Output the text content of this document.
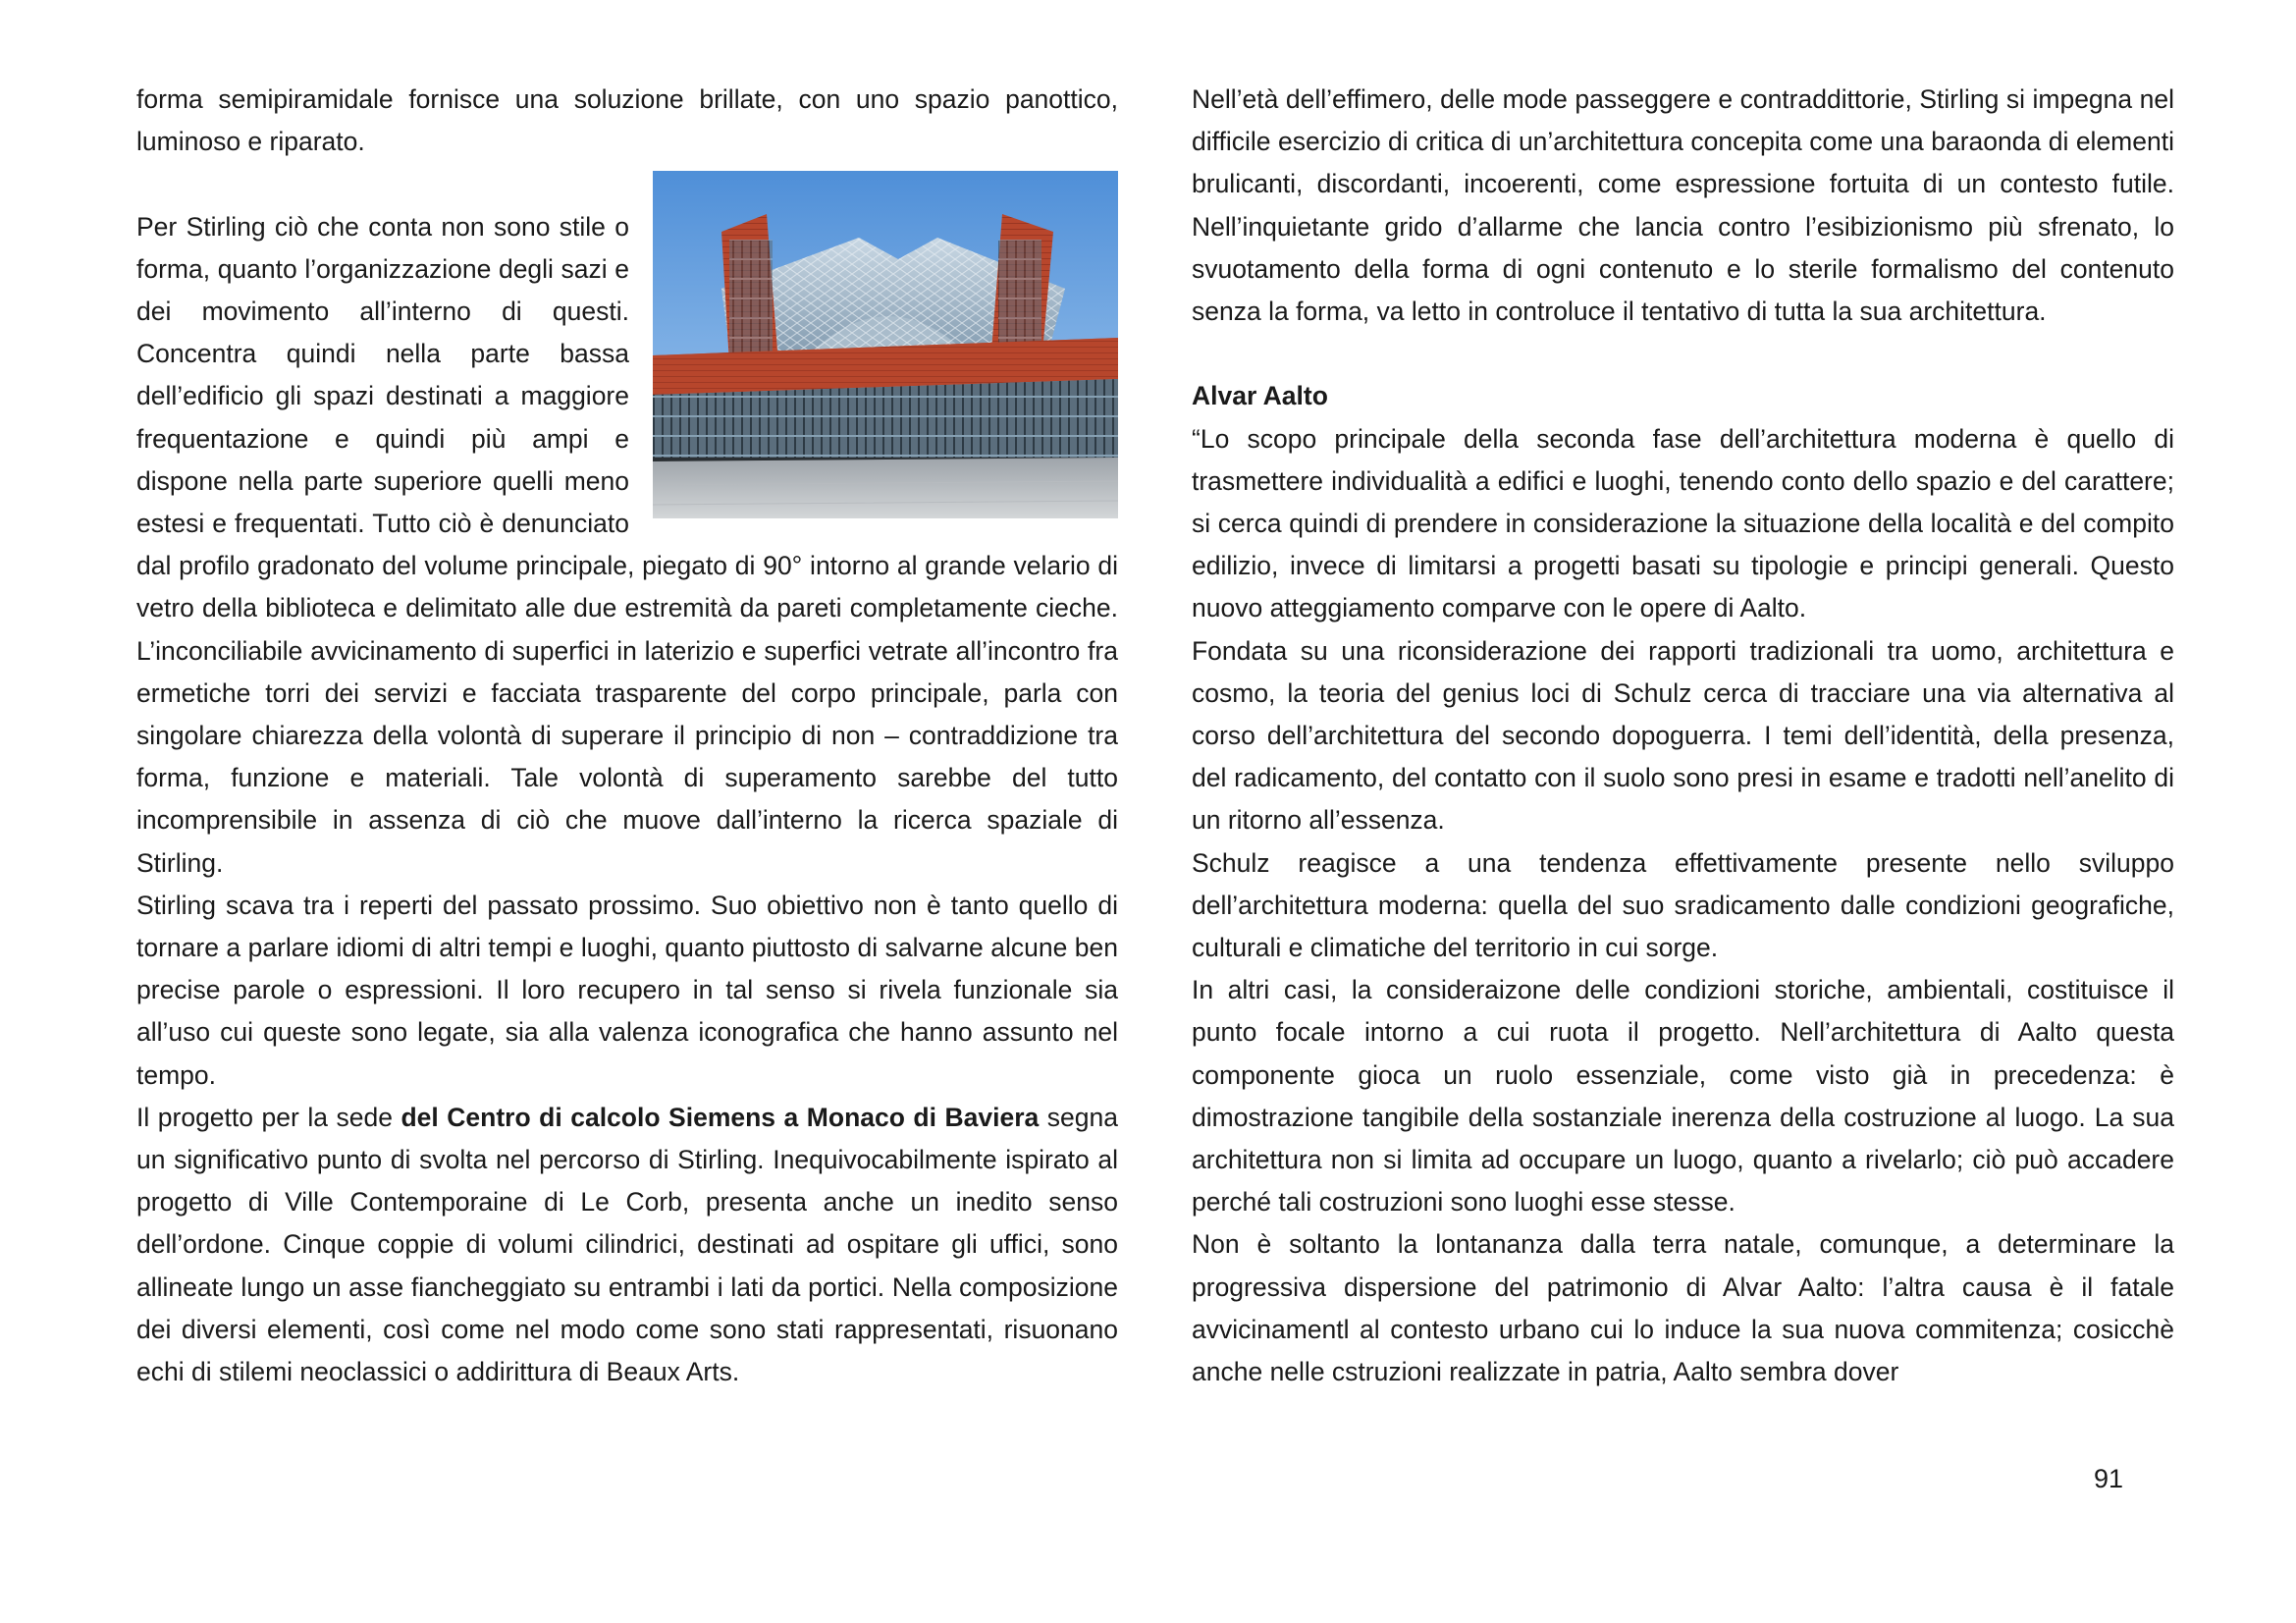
forma semipiramidale fornisce una soluzione brillate, con uno spazio panottico, luminoso e riparato.

Per Stirling ciò che conta non sono stile o forma, quanto l’organizzazione degli sazi e dei movimento all’interno di questi. Concentra quindi nella parte bassa dell’edificio gli spazi destinati a maggiore frequentazione e quindi più ampi e dispone nella parte superiore quelli meno estesi e frequentati. Tutto ciò è denunciato dal profilo gradonato del volume principale, piegato di 90° intorno al grande velario di vetro della biblioteca e delimitato alle due estremità da pareti completamente cieche. L’inconciliabile avvicinamento di superfici in laterizio e superfici vetrate all’incontro fra ermetiche torri dei servizi e facciata trasparente del corpo principale, parla con singolare chiarezza della volontà di superare il principio di non – contraddizione tra forma, funzione e materiali. Tale volontà di superamento sarebbe del tutto incomprensibile in assenza di ciò che muove dall’interno la ricerca spaziale di Stirling.

Stirling scava tra i reperti del passato prossimo. Suo obiettivo non è tanto quello di tornare a parlare idiomi di altri tempi e luoghi, quanto piuttosto di salvarne alcune ben precise parole o espressioni. Il loro recupero in tal senso si rivela funzionale sia all’uso cui queste sono legate, sia alla valenza iconografica che hanno assunto nel tempo.

Il progetto per la sede del Centro di calcolo Siemens a Monaco di Baviera segna un significativo punto di svolta nel percorso di Stirling. Inequivocabilmente ispirato al progetto di Ville Contemporaine di Le Corb, presenta anche un inedito senso dell’ordone. Cinque coppie di volumi cilindrici, destinati ad ospitare gli uffici, sono allineate lungo un asse fiancheggiato su entrambi i lati da portici. Nella composizione dei diversi elementi, così come nel modo come sono stati rappresentati, risuonano echi di stilemi neoclassici o addirittura di Beaux Arts.

Nell’età dell’effimero, delle mode passeggere e contraddittorie, Stirling si impegna nel difficile esercizio di critica di un’architettura concepita come una baraonda di elementi brulicanti, discordanti, incoerenti, come espressione fortuita di un contesto futile. Nell’inquietante grido d’allarme che lancia contro l’esibizionismo più sfrenato, lo svuotamento della forma di ogni contenuto e lo sterile formalismo del contenuto senza la forma, va letto in controluce il tentativo di tutta la sua architettura.

Alvar Aalto

“Lo scopo principale della seconda fase dell’architettura moderna è quello di trasmettere individualità a edifici e luoghi, tenendo conto dello spazio e del carattere; si cerca quindi di prendere in considerazione la situazione della località e del compito edilizio, invece di limitarsi a progetti basati su tipologie e principi generali. Questo nuovo atteggiamento comparve con le opere di Aalto.

Fondata su una riconsiderazione dei rapporti tradizionali tra uomo, architettura e cosmo, la teoria del genius loci di Schulz cerca di tracciare una via alternativa al corso dell’architettura del secondo dopoguerra. I temi dell’identità, della presenza, del radicamento, del contatto con il suolo sono presi in esame e tradotti nell’anelito di un ritorno all’essenza.

Schulz reagisce a una tendenza effettivamente presente nello sviluppo dell’architettura moderna: quella del suo sradicamento dalle condizioni geografiche, culturali e climatiche del territorio in cui sorge.

In altri casi, la consideraizone delle condizioni storiche, ambientali, costituisce il punto focale intorno a cui ruota il progetto. Nell’architettura di Aalto questa componente gioca un ruolo essenziale, come visto già in precedenza: è dimostrazione tangibile della sostanziale inerenza della costruzione al luogo. La sua architettura non si limita ad occupare un luogo, quanto a rivelarlo; ciò può accadere perché tali costruzioni sono luoghi esse stesse.

Non è soltanto la lontananza dalla terra natale, comunque, a determinare la progressiva dispersione del patrimonio di Alvar Aalto: l’altra causa è il fatale avvicinamentl al contesto urbano cui lo induce la sua nuova commitenza; cosicchè anche nelle cstruzioni realizzate in patria, Aalto sembra dover

91
